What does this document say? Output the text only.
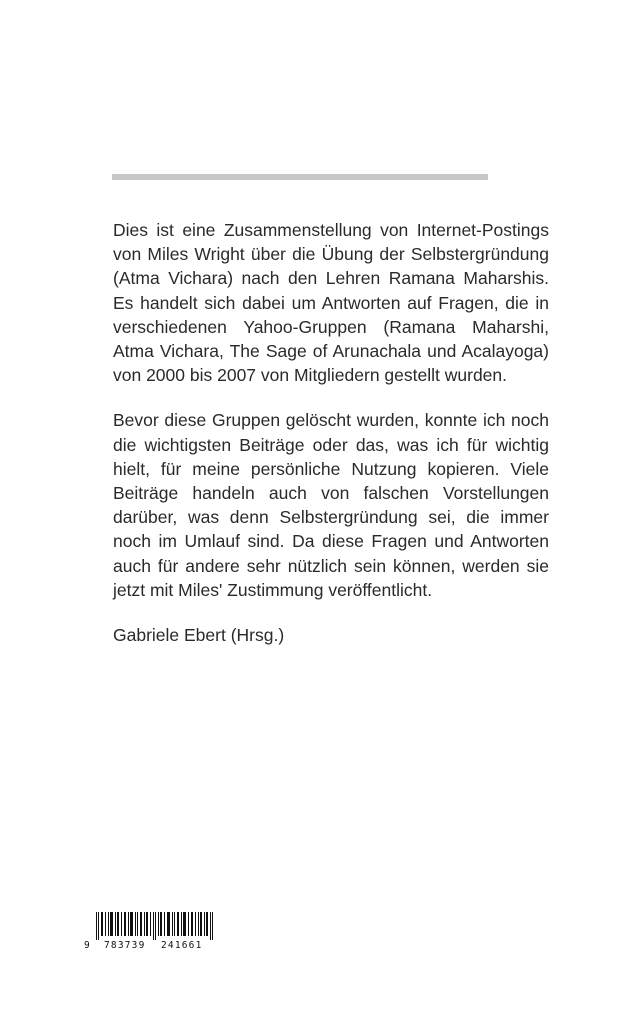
Dies ist eine Zusammenstellung von Internet-Postings von Miles Wright über die Übung der Selbstergründung (Atma Vichara) nach den Lehren Ramana Maharshis. Es handelt sich dabei um Antworten auf Fragen, die in verschiedenen Yahoo-Gruppen (Ramana Maharshi, Atma Vichara, The Sage of Arunachala und Acalayoga) von 2000 bis 2007 von Mitgliedern gestellt wurden.

Bevor diese Gruppen gelöscht wurden, konnte ich noch die wichtigsten Beiträge oder das, was ich für wichtig hielt, für meine persönliche Nutzung kopieren. Viele Beiträge handeln auch von falschen Vorstellungen darüber, was denn Selbstergründung sei, die immer noch im Umlauf sind. Da diese Fragen und Antworten auch für andere sehr nützlich sein können, werden sie jetzt mit Miles' Zustimmung veröffentlicht.

Gabriele Ebert (Hrsg.)

9 783739 241661
